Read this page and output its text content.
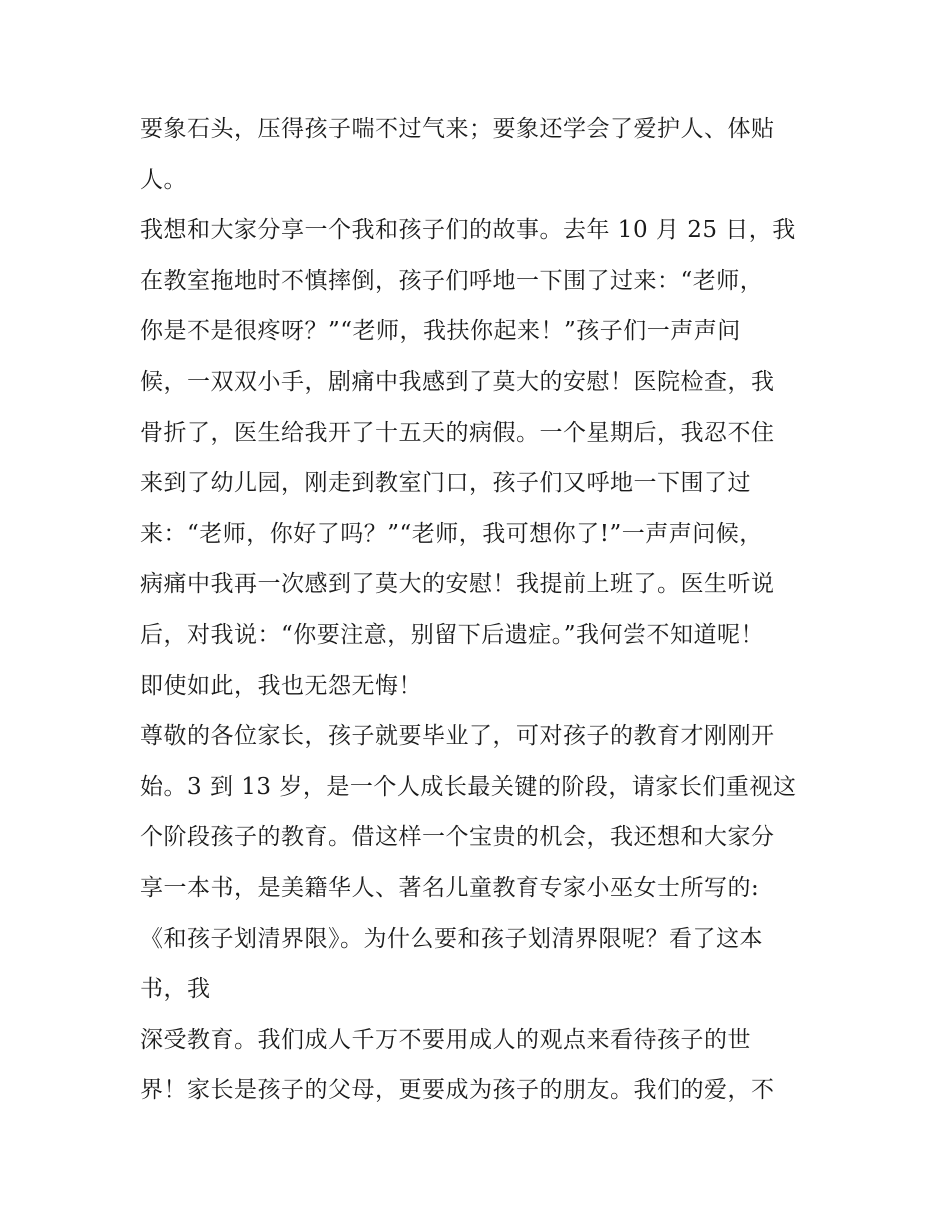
要象石头，压得孩子喘不过气来；要象还学会了爱护人、体贴
人。
我想和大家分享一个我和孩子们的故事。去年 10 月 25 日，我
在教室拖地时不慎摔倒，孩子们呼地一下围了过来：“老师，
你是不是很疼呀？”“老师，我扶你起来！”孩子们一声声问
候，一双双小手，剧痛中我感到了莫大的安慰！医院检查，我
骨折了，医生给我开了十五天的病假。一个星期后，我忍不住
来到了幼儿园，刚走到教室门口，孩子们又呼地一下围了过
来：“老师，你好了吗？”“老师，我可想你了!”一声声问候，
病痛中我再一次感到了莫大的安慰！我提前上班了。医生听说
后，对我说：“你要注意，别留下后遗症。”我何尝不知道呢！
即使如此，我也无怨无悔！
尊敬的各位家长，孩子就要毕业了，可对孩子的教育才刚刚开
始。3 到 13 岁，是一个人成长最关键的阶段，请家长们重视这
个阶段孩子的教育。借这样一个宝贵的机会，我还想和大家分
享一本书，是美籍华人、著名儿童教育专家小巫女士所写的:
《和孩子划清界限》。为什么要和孩子划清界限呢？看了这本
书，我
深受教育。我们成人千万不要用成人的观点来看待孩子的世
界！家长是孩子的父母，更要成为孩子的朋友。我们的爱，不
